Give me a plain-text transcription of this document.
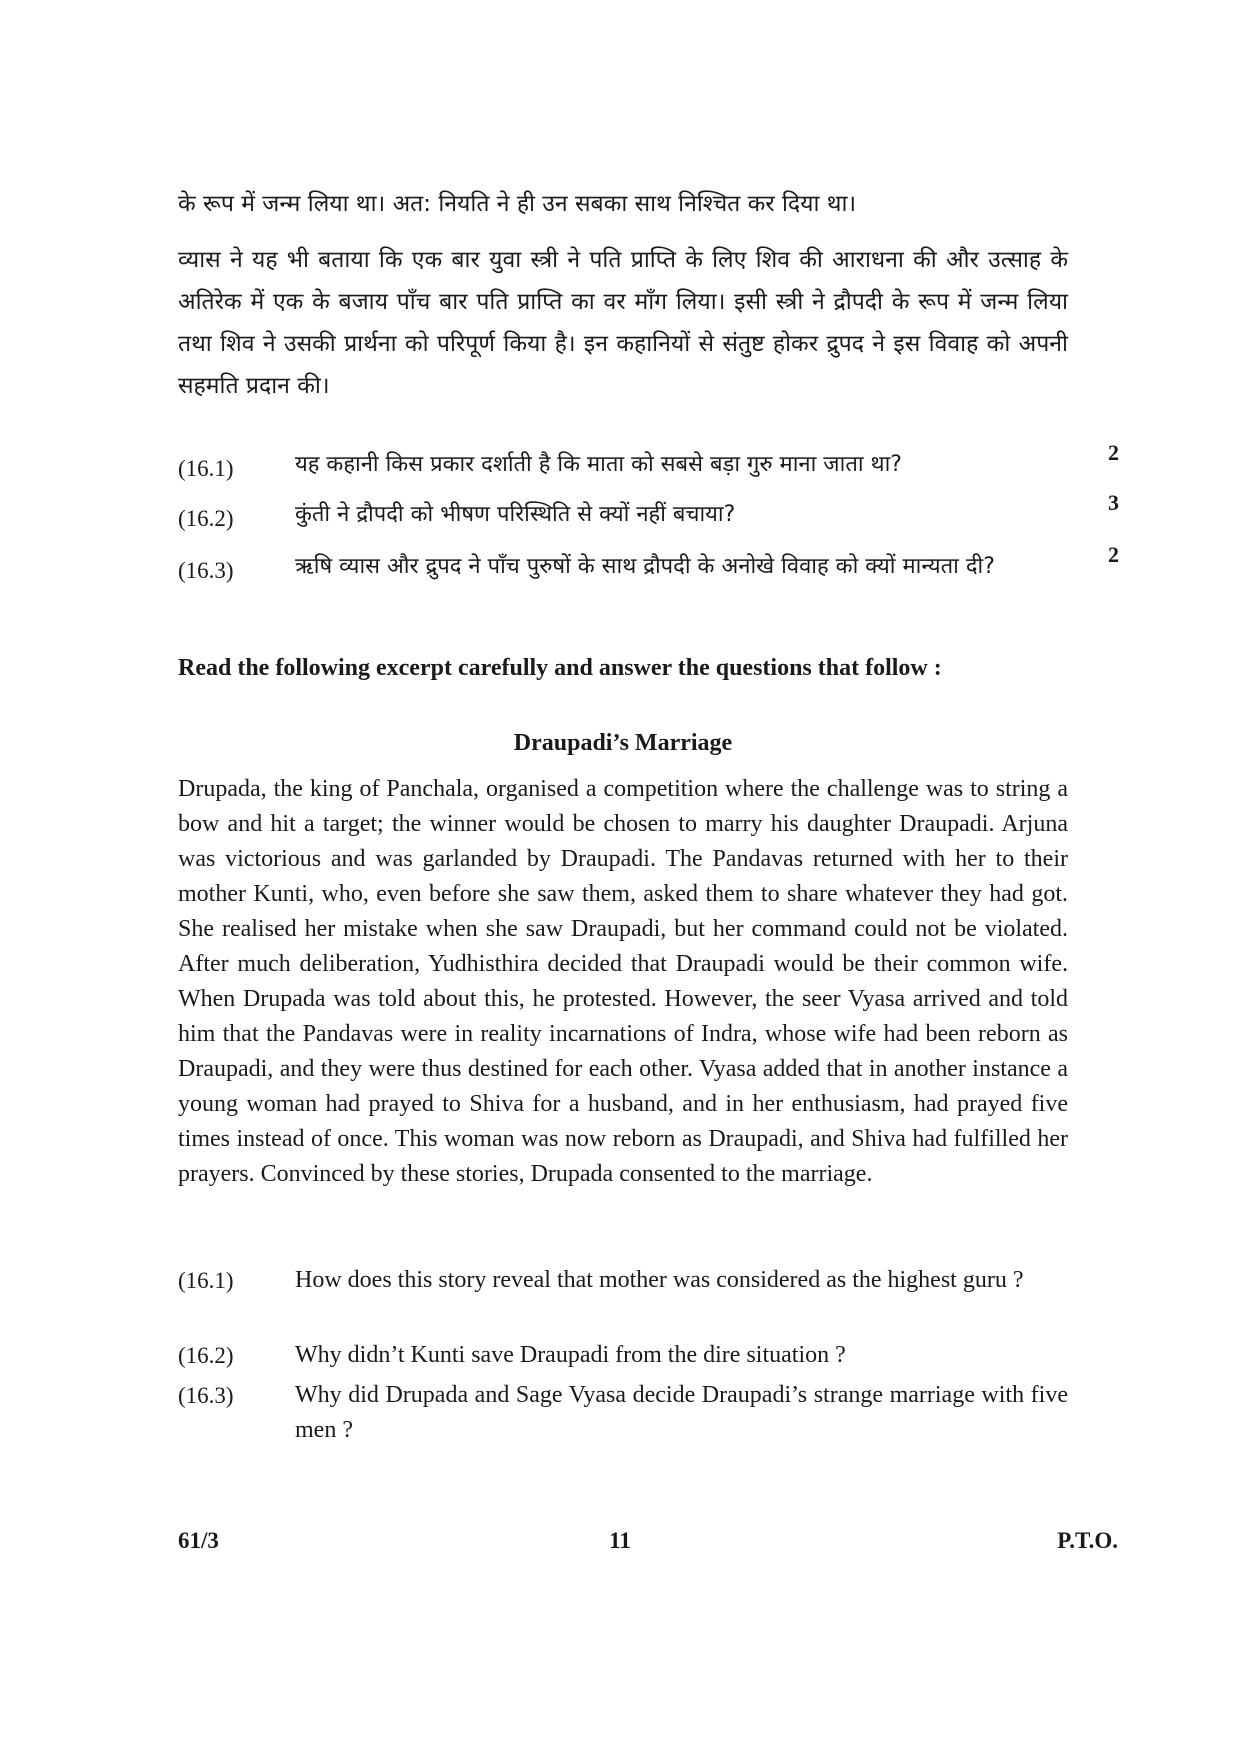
के रूप में जन्म लिया था। अत: नियति ने ही उन सबका साथ निश्चित कर दिया था।

व्यास ने यह भी बताया कि एक बार युवा स्त्री ने पति प्राप्ति के लिए शिव की आराधना की और उत्साह के अतिरेक में एक के बजाय पाँच बार पति प्राप्ति का वर माँग लिया। इसी स्त्री ने द्रौपदी के रूप में जन्म लिया तथा शिव ने उसकी प्रार्थना को परिपूर्ण किया है। इन कहानियों से संतुष्ट होकर द्रुपद ने इस विवाह को अपनी सहमति प्रदान की।

(16.1)	यह कहानी किस प्रकार दर्शाती है कि माता को सबसे बड़ा गुरु माना जाता था?	2
(16.2)	कुंती ने द्रौपदी को भीषण परिस्थिति से क्यों नहीं बचाया?	3
(16.3)	ऋषि व्यास और द्रुपद ने पाँच पुरुषों के साथ द्रौपदी के अनोखे विवाह को क्यों मान्यता दी?	2
Read the following excerpt carefully and answer the questions that follow :
Draupadi’s Marriage
Drupada, the king of Panchala, organised a competition where the challenge was to string a bow and hit a target; the winner would be chosen to marry his daughter Draupadi. Arjuna was victorious and was garlanded by Draupadi. The Pandavas returned with her to their mother Kunti, who, even before she saw them, asked them to share whatever they had got. She realised her mistake when she saw Draupadi, but her command could not be violated. After much deliberation, Yudhisthira decided that Draupadi would be their common wife. When Drupada was told about this, he protested. However, the seer Vyasa arrived and told him that the Pandavas were in reality incarnations of Indra, whose wife had been reborn as Draupadi, and they were thus destined for each other. Vyasa added that in another instance a young woman had prayed to Shiva for a husband, and in her enthusiasm, had prayed five times instead of once. This woman was now reborn as Draupadi, and Shiva had fulfilled her prayers. Convinced by these stories, Drupada consented to the marriage.
(16.1)	How does this story reveal that mother was considered as the highest guru ?
(16.2)	Why didn’t Kunti save Draupadi from the dire situation ?
(16.3)	Why did Drupada and Sage Vyasa decide Draupadi’s strange marriage with five men ?
61/3	11	P.T.O.
